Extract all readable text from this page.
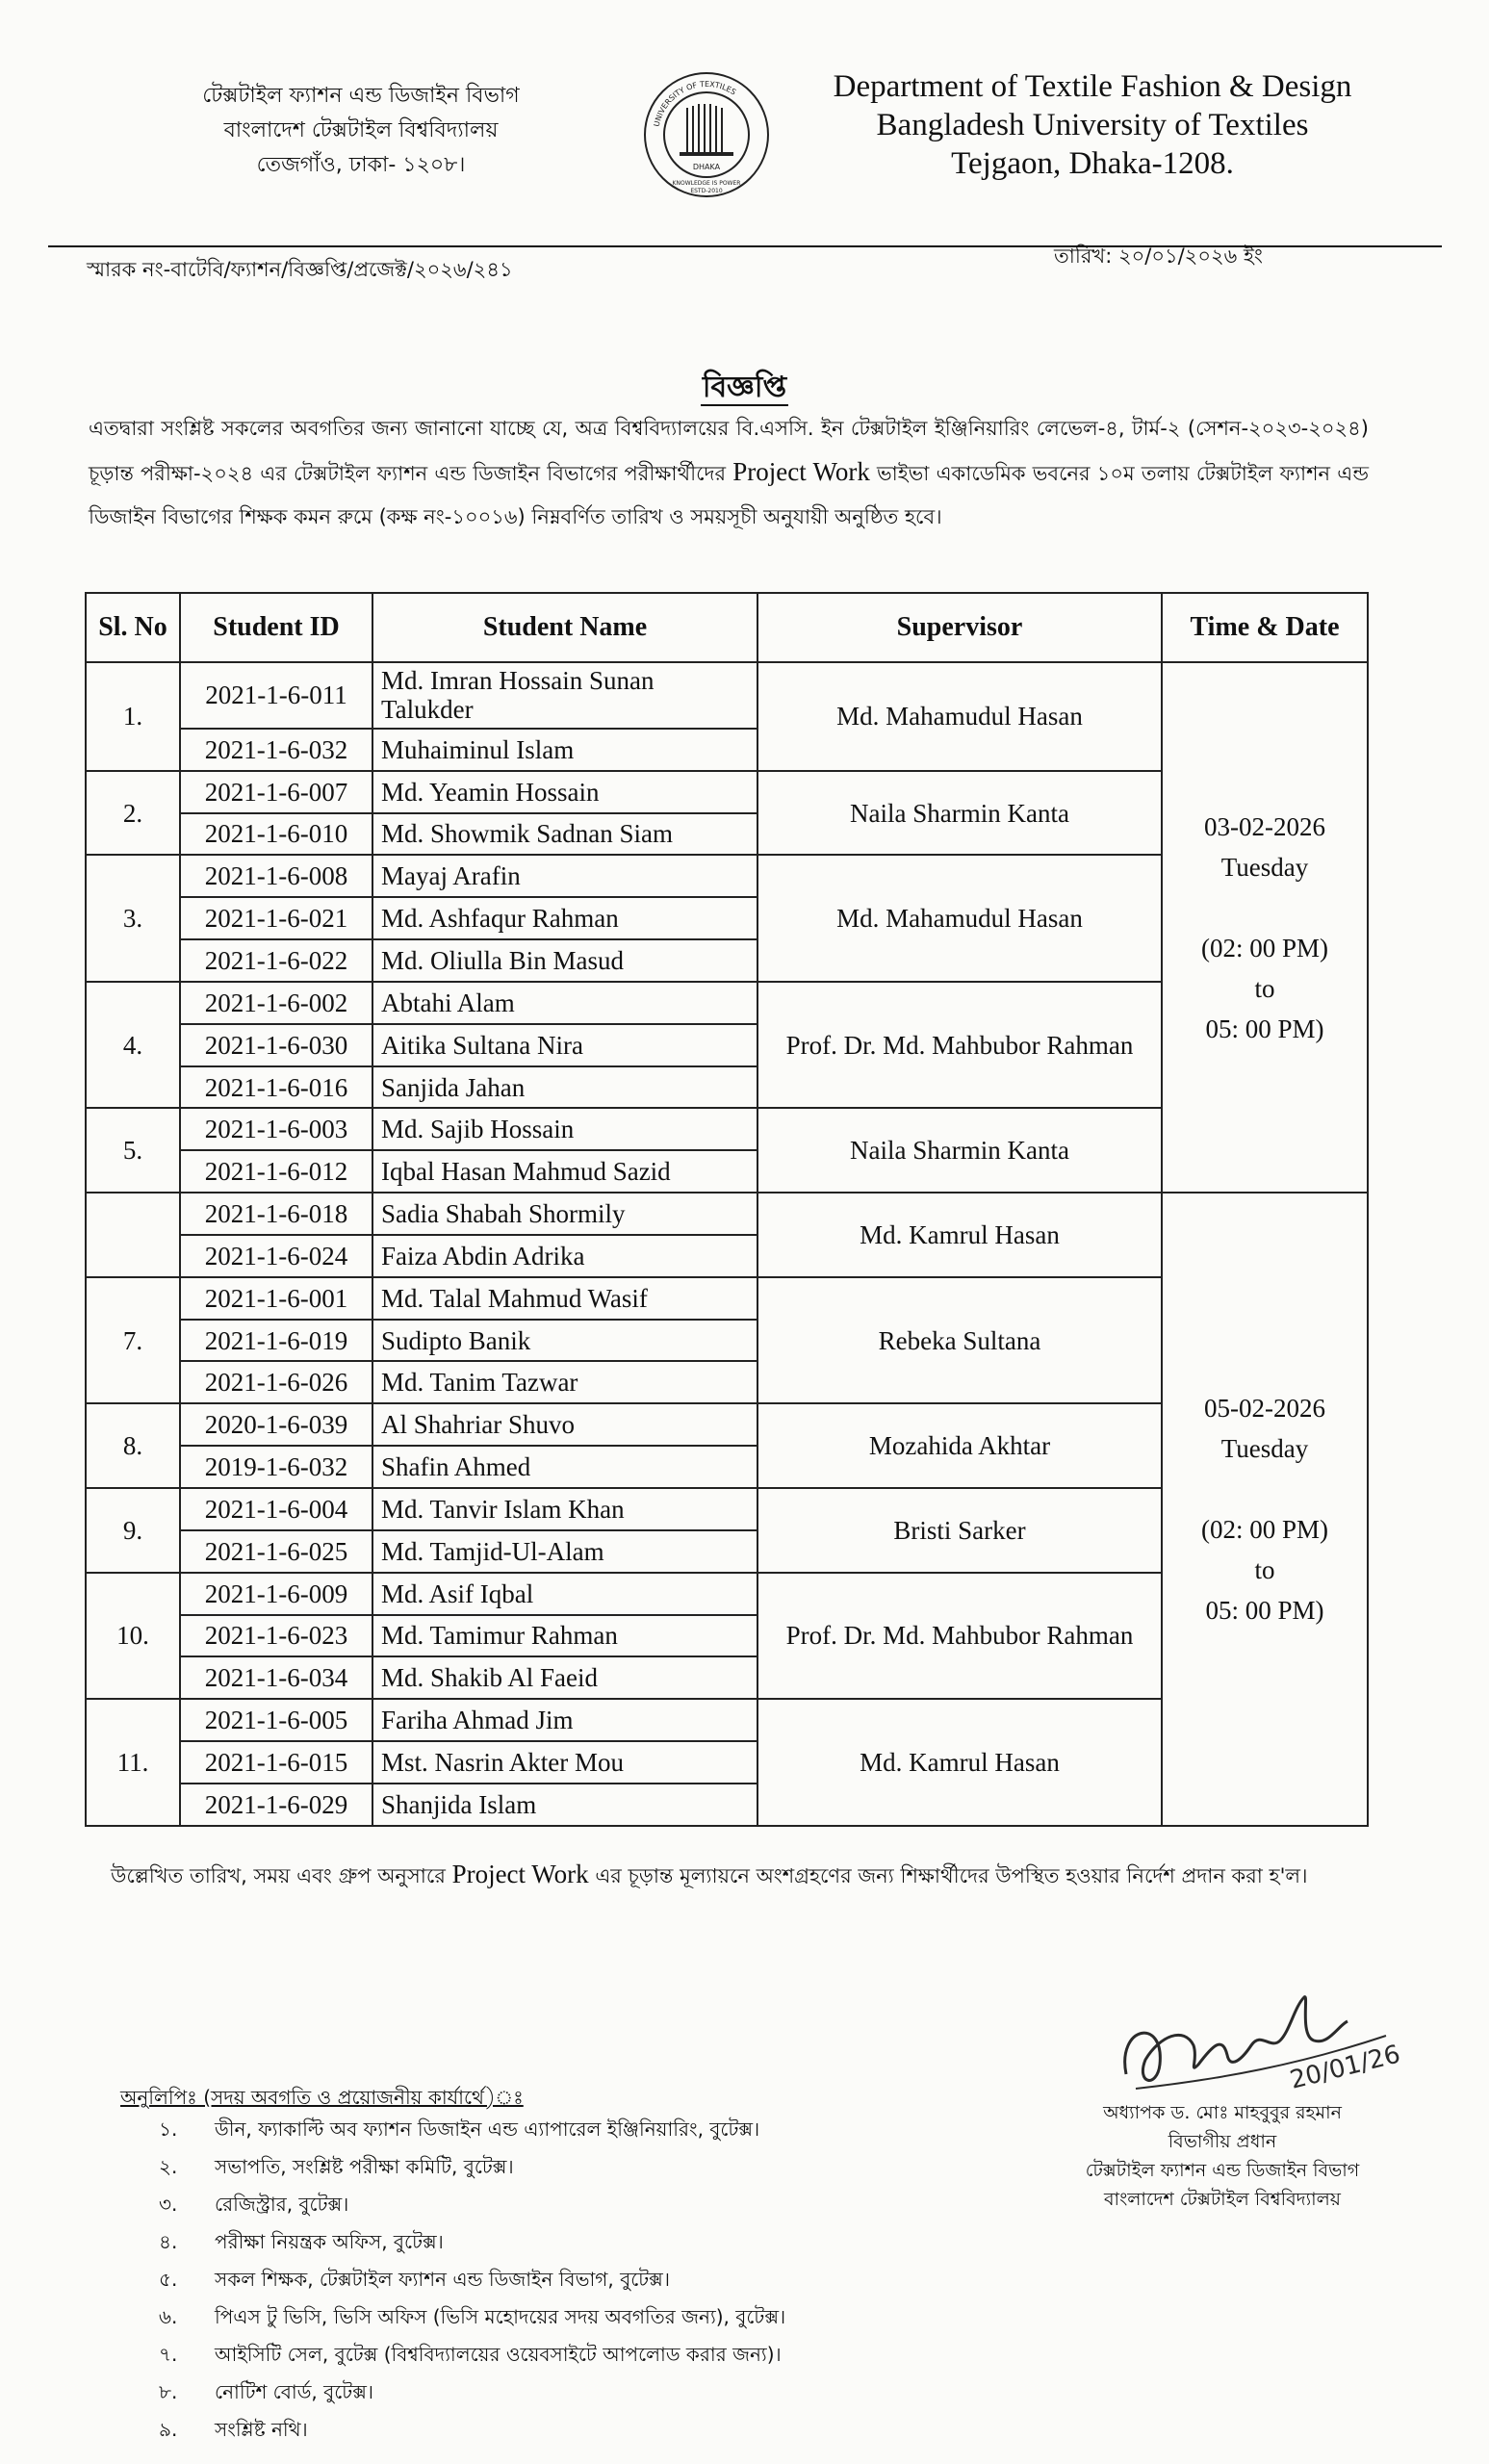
টেক্সটাইল ফ্যাশন এন্ড ডিজাইন বিভাগ
বাংলাদেশ টেক্সটাইল বিশ্ববিদ্যালয়
তেজগাঁও, ঢাকা- ১২০৮।
UNIVERSITY OF TEXTILES
DHAKA
KNOWLEDGE IS POWER
ESTD-2010
Department of Textile Fashion & Design
Bangladesh University of Textiles
Tejgaon, Dhaka-1208.
স্মারক নং-বাটেবি/ফ্যাশন/বিজ্ঞপ্তি/প্রজেক্ট/২০২৬/২৪১
তারিখ: ২০/০১/২০২৬ ইং
বিজ্ঞপ্তি
এতদ্বারা সংশ্লিষ্ট সকলের অবগতির জন্য জানানো যাচ্ছে যে, অত্র বিশ্ববিদ্যালয়ের বি.এসসি. ইন টেক্সটাইল ইঞ্জিনিয়ারিং লেভেল-৪, টার্ম-২ (সেশন-২০২৩-২০২৪) চূড়ান্ত পরীক্ষা-২০২৪ এর টেক্সটাইল ফ্যাশন এন্ড ডিজাইন বিভাগের পরীক্ষার্থীদের Project Work ভাইভা একাডেমিক ভবনের ১০ম তলায় টেক্সটাইল ফ্যাশন এন্ড ডিজাইন বিভাগের শিক্ষক কমন রুমে (কক্ষ নং-১০০১৬) নিম্নবর্ণিত তারিখ ও সময়সূচী অনুযায়ী অনুষ্ঠিত হবে।
Sl. No	Student ID	Student Name	Supervisor	Time & Date
1.	2021-1-6-011	Md. Imran Hossain Sunan Talukder	Md. Mahamudul Hasan	03-02-2026
Tuesday

(02: 00 PM)
to
05: 00 PM)

	2021-1-6-032	Muhaiminul Islam		
2.	2021-1-6-007	Md. Yeamin Hossain	Naila Sharmin Kanta	
	2021-1-6-010	Md. Showmik Sadnan Siam		
3.	2021-1-6-008	Mayaj Arafin	Md. Mahamudul Hasan	
	2021-1-6-021	Md. Ashfaqur Rahman		
	2021-1-6-022	Md. Oliulla Bin Masud		
4.	2021-1-6-002	Abtahi Alam	Prof. Dr. Md. Mahbubor Rahman	
	2021-1-6-030	Aitika Sultana Nira		
	2021-1-6-016	Sanjida Jahan		
5.	2021-1-6-003	Md. Sajib Hossain	Naila Sharmin Kanta	
	2021-1-6-012	Iqbal Hasan Mahmud Sazid		
	2021-1-6-018	Sadia Shabah Shormily	Md. Kamrul Hasan	05-02-2026
Tuesday

(02: 00 PM)
to
05: 00 PM)

	2021-1-6-024	Faiza Abdin Adrika		
7.	2021-1-6-001	Md. Talal Mahmud Wasif	Rebeka Sultana	
	2021-1-6-019	Sudipto Banik		
	2021-1-6-026	Md. Tanim Tazwar		
8.	2020-1-6-039	Al Shahriar Shuvo	Mozahida Akhtar	
	2019-1-6-032	Shafin Ahmed		
9.	2021-1-6-004	Md. Tanvir Islam Khan	Bristi Sarker	
	2021-1-6-025	Md. Tamjid-Ul-Alam		
10.	2021-1-6-009	Md. Asif Iqbal	Prof. Dr. Md. Mahbubor Rahman	
	2021-1-6-023	Md. Tamimur Rahman		
	2021-1-6-034	Md. Shakib Al Faeid		
11.	2021-1-6-005	Fariha Ahmad Jim	Md. Kamrul Hasan	
	2021-1-6-015	Mst. Nasrin Akter Mou		
	2021-1-6-029	Shanjida Islam		
উল্লেখিত তারিখ, সময় এবং গ্রুপ অনুসারে Project Work এর চূড়ান্ত মূল্যায়নে অংশগ্রহণের জন্য শিক্ষার্থীদের উপস্থিত হওয়ার নির্দেশ প্রদান করা হ'ল।
20/01/26
অধ্যাপক ড. মোঃ মাহবুবুর রহমান
বিভাগীয় প্রধান
টেক্সটাইল ফ্যাশন এন্ড ডিজাইন বিভাগ
বাংলাদেশ টেক্সটাইল বিশ্ববিদ্যালয়
অনুলিপিঃ (সদয় অবগতি ও প্রয়োজনীয় কার্যার্থে)ঃ
১.	ডীন, ফ্যাকাল্টি অব ফ্যাশন ডিজাইন এন্ড এ্যাপারেল ইঞ্জিনিয়ারিং, বুটেক্স।
২.	সভাপতি, সংশ্লিষ্ট পরীক্ষা কমিটি, বুটেক্স।
৩.	রেজিস্ট্রার, বুটেক্স।
৪.	পরীক্ষা নিয়ন্ত্রক অফিস, বুটেক্স।
৫.	সকল শিক্ষক, টেক্সটাইল ফ্যাশন এন্ড ডিজাইন বিভাগ, বুটেক্স।
৬.	পিএস টু ভিসি, ভিসি অফিস (ভিসি মহোদয়ের সদয় অবগতির জন্য), বুটেক্স।
৭.	আইসিটি সেল, বুটেক্স (বিশ্ববিদ্যালয়ের ওয়েবসাইটে আপলোড করার জন্য)।
৮.	নোটিশ বোর্ড, বুটেক্স।
৯.	সংশ্লিষ্ট নথি।
